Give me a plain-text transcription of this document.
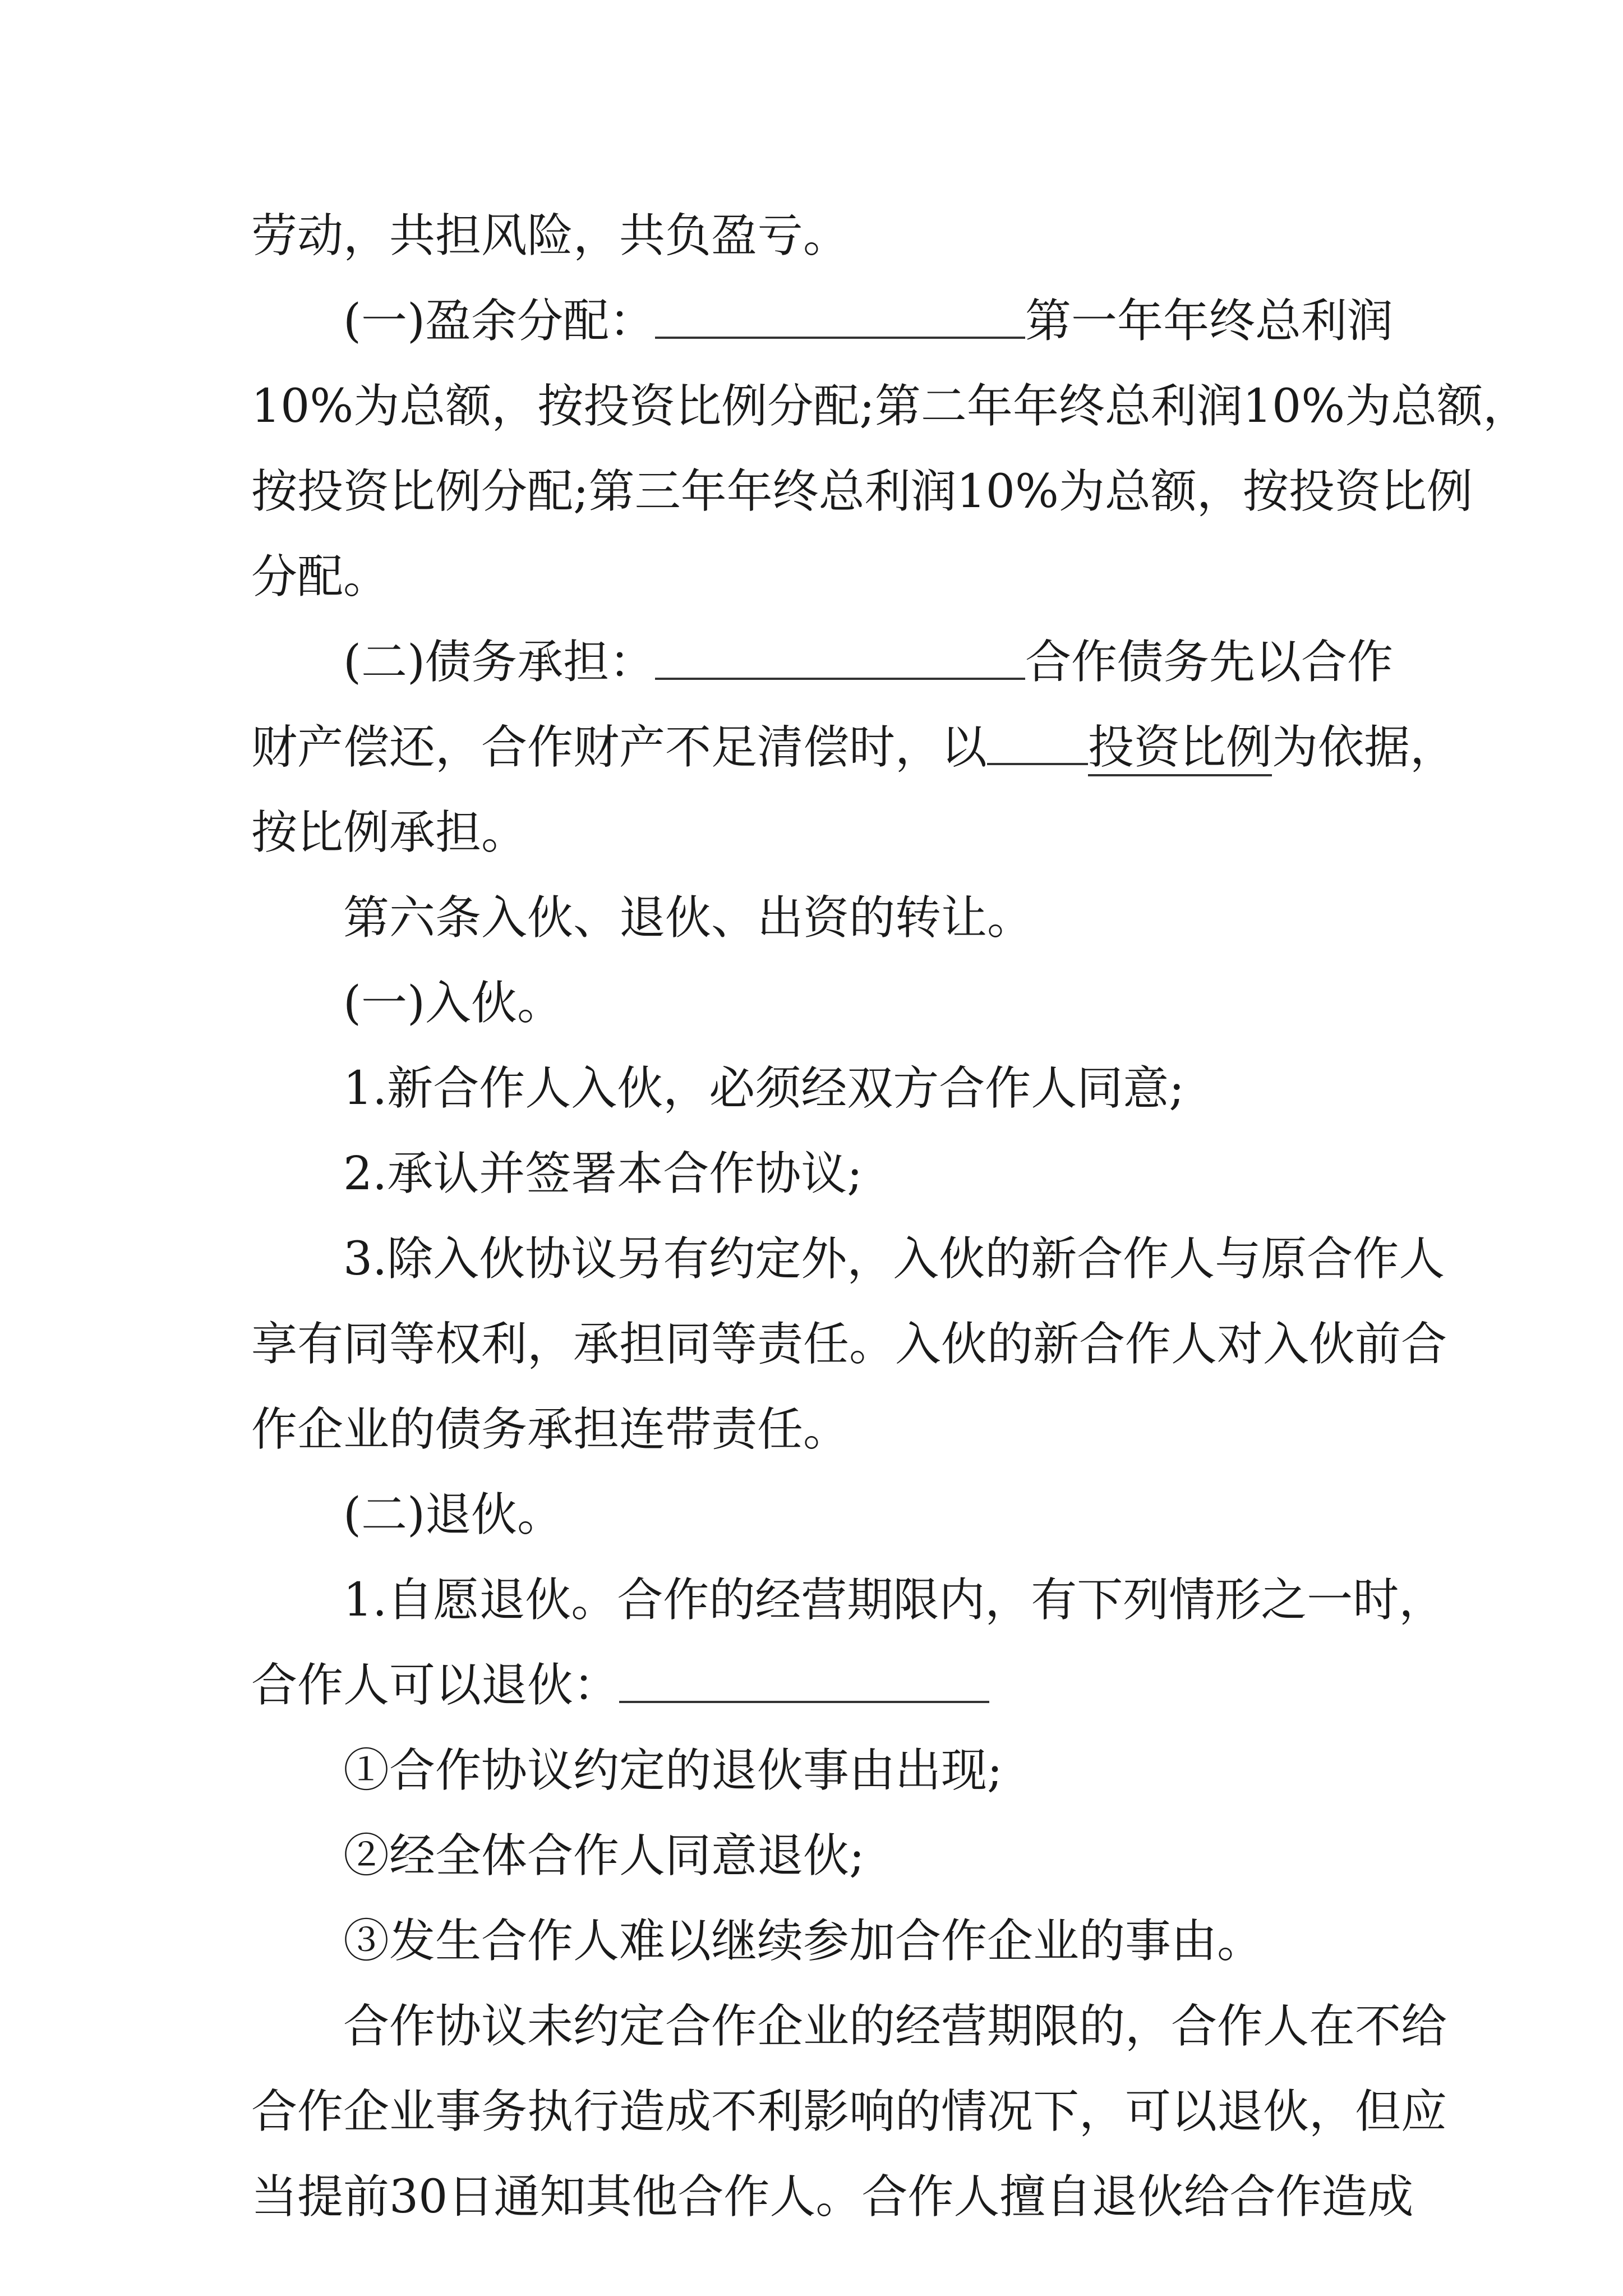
劳动，共担风险，共负盈亏。
(一)盈余分配：	第一年年终总利润
10%为总额，按投资比例分配;第二年年终总利润10%为总额，
按投资比例分配;第三年年终总利润10%为总额，按投资比例
分配。
(二)债务承担：	合作债务先以合作
财产偿还，合作财产不足清偿时，以 投资比例为依据，
按比例承担。
第六条入伙、退伙、出资的转让。
(一)入伙。
1.新合作人入伙，必须经双方合作人同意;
2.承认并签署本合作协议;
3.除入伙协议另有约定外，入伙的新合作人与原合作人
享有同等权利，承担同等责任。入伙的新合作人对入伙前合
作企业的债务承担连带责任。
(二)退伙。
1.自愿退伙。合作的经营期限内，有下列情形之一时，
合作人可以退伙：
①合作协议约定的退伙事由出现;
②经全体合作人同意退伙;
③发生合作人难以继续参加合作企业的事由。
合作协议未约定合作企业的经营期限的，合作人在不给
合作企业事务执行造成不利影响的情况下，可以退伙，但应
当提前30日通知其他合作人。合作人擅自退伙给合作造成
